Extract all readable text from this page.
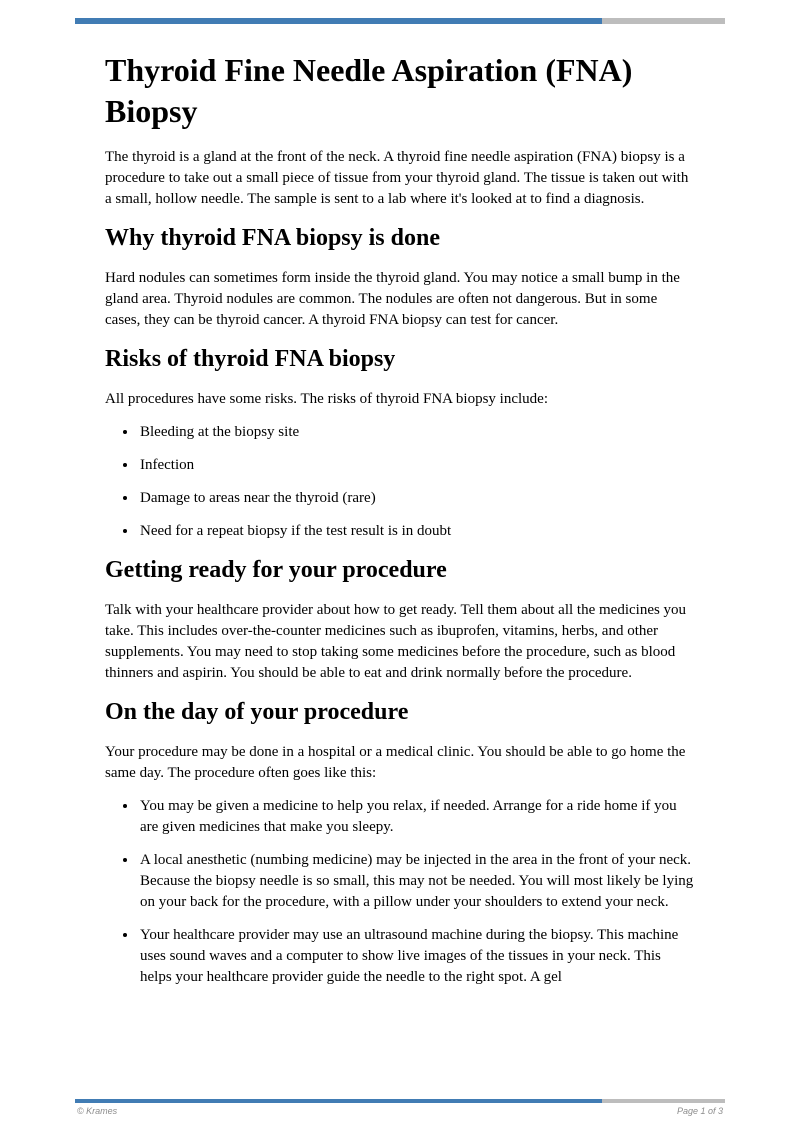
Thyroid Fine Needle Aspiration (FNA) Biopsy

The thyroid is a gland at the front of the neck. A thyroid fine needle aspiration (FNA) biopsy is a procedure to take out a small piece of tissue from your thyroid gland. The tissue is taken out with a small, hollow needle. The sample is sent to a lab where it's looked at to find a diagnosis.

Why thyroid FNA biopsy is done

Hard nodules can sometimes form inside the thyroid gland. You may notice a small bump in the gland area. Thyroid nodules are common. The nodules are often not dangerous. But in some cases, they can be thyroid cancer. A thyroid FNA biopsy can test for cancer.

Risks of thyroid FNA biopsy

All procedures have some risks. The risks of thyroid FNA biopsy include:

• Bleeding at the biopsy site
• Infection
• Damage to areas near the thyroid (rare)
• Need for a repeat biopsy if the test result is in doubt
Getting ready for your procedure

Talk with your healthcare provider about how to get ready. Tell them about all the medicines you take. This includes over-the-counter medicines such as ibuprofen, vitamins, herbs, and other supplements. You may need to stop taking some medicines before the procedure, such as blood thinners and aspirin. You should be able to eat and drink normally before the procedure.

On the day of your procedure

Your procedure may be done in a hospital or a medical clinic. You should be able to go home the same day. The procedure often goes like this:

• You may be given a medicine to help you relax, if needed. Arrange for a ride home if you are given medicines that make you sleepy.
• A local anesthetic (numbing medicine) may be injected in the area in the front of your neck. Because the biopsy needle is so small, this may not be needed. You will most likely be lying on your back for the procedure, with a pillow under your shoulders to extend your neck.
• Your healthcare provider may use an ultrasound machine during the biopsy. This machine uses sound waves and a computer to show live images of the tissues in your neck. This helps your healthcare provider guide the needle to the right spot. A gel
© Krames	Page 1 of 3
